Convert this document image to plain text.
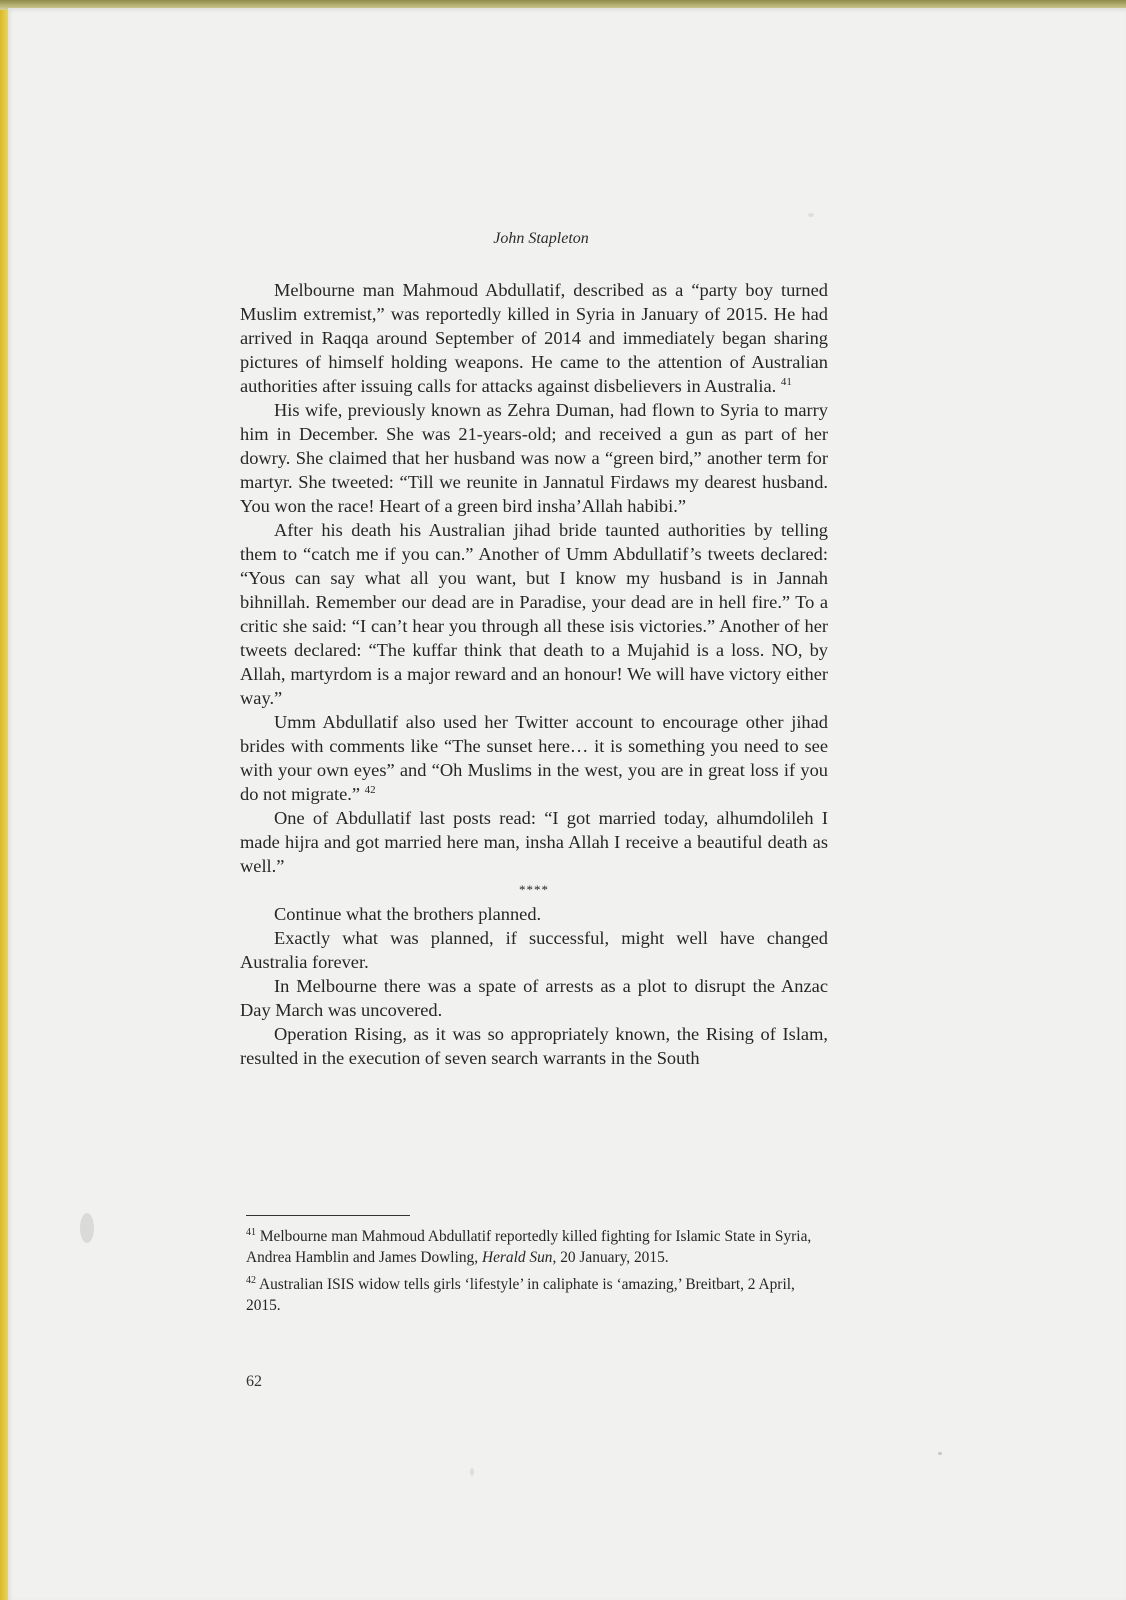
John Stapleton

Melbourne man Mahmoud Abdullatif, described as a “party boy turned Muslim extremist,” was reportedly killed in Syria in January of 2015. He had arrived in Raqqa around September of 2014 and immediately began sharing pictures of himself holding weapons. He came to the attention of Australian authorities after issuing calls for attacks against disbelievers in Australia. $^{41}$

His wife, previously known as Zehra Duman, had flown to Syria to marry him in December. She was 21-years-old; and received a gun as part of her dowry. She claimed that her husband was now a “green bird,” another term for martyr. She tweeted: “Till we reunite in Jannatul Firdaws my dearest husband. You won the race! Heart of a green bird insha’Allah habibi.”

After his death his Australian jihad bride taunted authorities by telling them to “catch me if you can.” Another of Umm Abdullatif’s tweets declared: “Yous can say what all you want, but I know my husband is in Jannah bihnillah. Remember our dead are in Paradise, your dead are in hell fire.” To a critic she said: “I can’t hear you through all these isis victories.” Another of her tweets declared: “The kuffar think that death to a Mujahid is a loss. NO, by Allah, martyrdom is a major reward and an honour! We will have victory either way.”

Umm Abdullatif also used her Twitter account to encourage other jihad brides with comments like “The sunset here… it is something you need to see with your own eyes” and “Oh Muslims in the west, you are in great loss if you do not migrate.” $^{42}$

One of Abdullatif last posts read: “I got married today, alhumdolileh I made hijra and got married here man, insha Allah I receive a beautiful death as well.”

****

Continue what the brothers planned.

Exactly what was planned, if successful, might well have changed Australia forever.

In Melbourne there was a spate of arrests as a plot to disrupt the Anzac Day March was uncovered.

Operation Rising, as it was so appropriately known, the Rising of Islam, resulted in the execution of seven search warrants in the South

$^{41}$ Melbourne man Mahmoud Abdullatif reportedly killed fighting for Islamic State in Syria, Andrea Hamblin and James Dowling, Herald Sun, 20 January, 2015.

$^{42}$ Australian ISIS widow tells girls ‘lifestyle’ in caliphate is ‘amazing,’ Breitbart, 2 April, 2015.

62
